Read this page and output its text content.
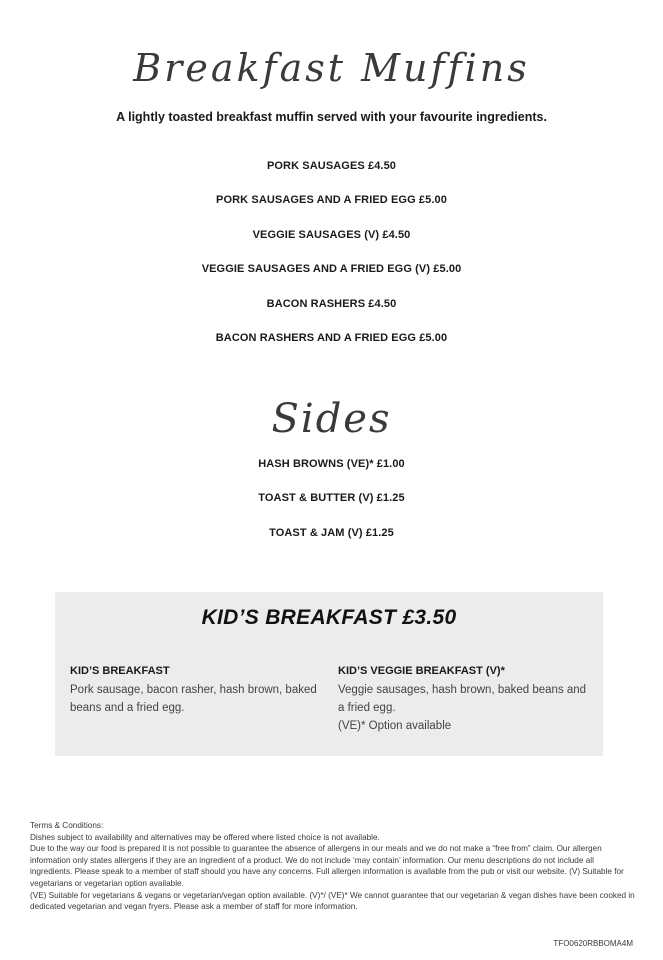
Breakfast Muffins
A lightly toasted breakfast muffin served with your favourite ingredients.
PORK SAUSAGES £4.50
PORK SAUSAGES AND A FRIED EGG £5.00
VEGGIE SAUSAGES (V) £4.50
VEGGIE SAUSAGES AND A FRIED EGG (V) £5.00
BACON RASHERS £4.50
BACON RASHERS AND A FRIED EGG £5.00
Sides
HASH BROWNS (VE)* £1.00
TOAST & BUTTER (V) £1.25
TOAST & JAM (V) £1.25
KID’S BREAKFAST £3.50
KID’S BREAKFAST
Pork sausage, bacon rasher, hash brown, baked beans and a fried egg.
KID’S VEGGIE BREAKFAST (V)*
Veggie sausages, hash brown, baked beans and a fried egg.
(VE)* Option available

Terms & Conditions:

Dishes subject to availability and alternatives may be offered where listed choice is not available.

Due to the way our food is prepared it is not possible to guarantee the absence of allergens in our meals and we do not make a “free from” claim. Our allergen information only states allergens if they are an ingredient of a product. We do not include ‘may contain’ information. Our menu descriptions do not include all ingredients. Please speak to a member of staff should you have any concerns. Full allergen information is available from the pub or visit our website. (V) Suitable for vegetarians or vegetarian option available.

(VE) Suitable for vegetarians & vegans or vegetarian/vegan option available. (V)*/ (VE)* We cannot guarantee that our vegetarian & vegan dishes have been cooked in dedicated vegetarian and vegan fryers. Please ask a member of staff for more information.

TFO0620RBBOMA4M
